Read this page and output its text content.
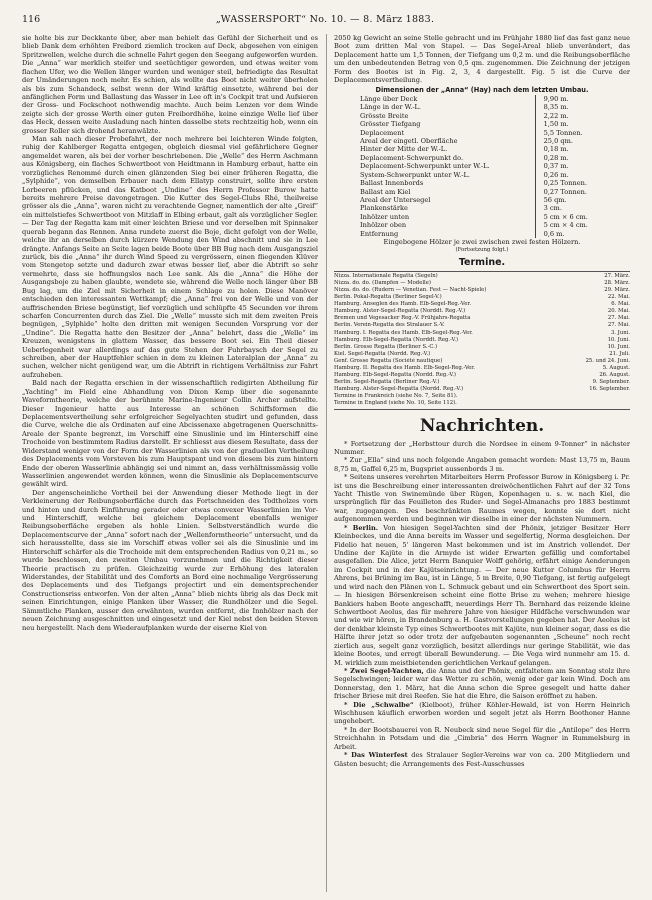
116	„WASSERSPORT“ No. 10. — 8. März 1883.

sie holte bis zur Deckkante über, aber man behielt das Gefühl der Sicherheit und es blieb Dank dem erhöhten Freibord ziemlich trocken auf Deck, abgesehen von einigen Spritzwellen, welche durch die schnelle Fahrt gegen den Seegang aufgeworfen wurden. Die „Anna“ war merklich steifer und seetüchtiger geworden, und etwas weiter vom flachen Ufer, wo die Wellen länger wurden und weniger steil, befriedigte das Resultat der Umänderungen noch mehr. Es schien, als wollte das Boot nicht weiter überholen als bis zum Schandeck, selbst wenn der Wind kräftig einsetzte, während bei der anfänglichen Form und Ballastung das Wasser in Lee oft in's Cockpit trat und Aufsieren der Gross- und Fockschoot nothwendig machte. Auch beim Lenzen vor dem Winde zeigte sich der grosse Werth einer guten Freibordhöhe, keine einzige Welle lief über das Heck, dessen weite Ausladung nach hinten dasselbe stets rechtzeitig hob, wenn ein grosser Roller sich drohend heranwälzte.

Man sah nach dieser Probefahrt, der noch mehrere bei leichteren Winde folgten, ruhig der Kahlberger Regatta entgegen, obgleich diesmal viel gefährlichere Gegner angemeldet waren, als bei der vorher beschriebenen. Die „Welle“ des Herrn Aschmann aus Königsberg, ein flaches Schwertboot von Heidtmann in Hamburg erbaut, hatte ein vorzügliches Renommé durch einen glänzenden Sieg bei einer früheren Regatta, die „Sylphide“, von demselben Erbauer nach dem Ellatyp construirt, sollte ihre ersten Lorbeeren pflücken, und das Katboot „Undine“ des Herrn Professor Burow hatte bereits mehrere Preise davongetragen. Die Kutter des Segel-Clubs Rhé, theilweise grösser als die „Anna“, waren nicht zu verachtende Gegner, namentlich der alte „Greif“ ein mittelstiefes Schwertboot von Mitzlaff in Elbing erbaut, galt als vorzüglicher Segler. — Der Tag der Regatta kam mit einer leichten Briese und vor derselben mit Spinnaker querab begann das Rennen. Anna rundete zuerst die Boje, dicht gefolgt von der Welle, welche ihr an derselben durch kürzere Wendung den Wind abschnitt und sie in Lee drängte. Anfangs Seite an Seite lagen beide Boote über BB Bug nach dem Ausgangsziel zurück, bis die „Anna“ ihr durch Wind Speed zu vergrössern, einen fliegenden Klüver vom Stengetop setzte und dadurch zwar etwas besser lief, aber die Abtrift so sehr vermehrte, dass sie hoffnungslos nach Lee sank. Als die „Anna“ die Höhe der Ausgangsboje zu haben glaubte, wendete sie, während die Welle noch länger über BB Bug lag, um die Ziel mit Sicherheit in einem Schlage zu holen. Diese Manöver entschieden den interessanten Wettkampf; die „Anna“ frei von der Welle und von der auffrischenden Briese begünstigt, lief vorzüglich und schlüpfte 45 Secunden vor ihrem scharfen Concurrenten durch das Ziel. Die „Welle“ musste sich mit dem zweiten Preis begnügen, „Sylphide“ holte den dritten mit wenigen Secunden Vorsprung vor der „Undine“. Die Regatta hatte den Besitzer der „Anna“ belehrt, dass die „Welle“ im Kreuzen, wenigstens in glattem Wasser, das bessere Boot sei. Ein Theil dieser Ueberlegenheit war allerdings auf das gute Stehen der Fuhrbaysch der Segel zu schreiben, aber der Hauptfehler schien in dem zu kleinen Lateralplan der „Anna“ zu suchen, welcher nicht genügend war, um die Abtrift in richtigem Verhältniss zur Fahrt aufzuheben.

Bald nach der Regatta erschien in der wissenschaftlich redigirten Abtheilung für „Yachting“ im Field eine Abhandlung von Dixon Kemp über die sogenannte Waveformtheorie, welche der berühmte Marine-Ingenieur Collin Archer aufstellte. Dieser Ingenieur hatte aus Interesse an schönen Schiffsformen die Deplacementsvertheilung sehr erfolgreicher Segelyachten studirt und gefunden, dass die Curve, welche die als Ordinaten auf eine Abcissenaxe abgetragenen Querschnitts-Areale der Spante begrenzt, im Vorschiff eine Sinuslinie und im Hinterschiff eine Trochoide von bestimmtem Radius darstellt. Er schliesst aus diesem Resultate, dass der Widerstand weniger von der Form der Wasserlinien als von der graduellen Vertheilung des Deplacements vom Vorsteven bis zum Hauptspant und von diesem bis zum hintern Ende der oberen Wasserlinie abhängig sei und nimmt an, dass verhältnissmässig volle Wasserlinien angewendet werden können, wenn die Sinuslinie als Deplacementscurve gewählt wird.

Der angenscheinliche Vortheil bei der Anwendung dieser Methode liegt in der Verkleinerung der Reibungsoberfläche durch das Fortschneiden des Todtholzes vorn und hinten und durch Einführung gerader oder etwas convexer Wasserlinien im Vor- und Hinterschiff, welche bei gleichem Deplacement ebenfalls weniger Reibungsoberfläche ergeben als hohle Linien. Selbstverständlich wurde die Deplacementscurve der „Anna“ sofort nach der „Wellenformtheorie“ untersucht, und da sich herausstellte, dass sie im Vorschiff etwas voller sei als die Sinuslinie und im Hinterschiff schärfer als die Trochoide mit dem entsprechenden Radius von 0,21 m., so wurde beschlossen, den zweiten Umbau vorzunehmen und die Richtigkeit dieser Theorie practisch zu prüfen. Gleichzeitig wurde zur Erhöhung des lateralen Widerstandes, der Stabilität und des Comforts an Bord eine nochmalige Vergrösserung des Deplacements und des Tiefgangs projectirt und ein dementsprechender Constructionsriss entworfen. Von der alten „Anna“ blieb nichts übrig als das Deck mit seinen Einrichtungen, einige Planken über Wasser, die Rundhölzer und die Segel. Sämmtliche Planken, ausser den erwähnten, wurden entfernt, die Innhölzer nach der neuen Zeichnung ausgeschnitten und eingesetzt und der Kiel nebst den beiden Steven neu hergestellt. Nach dem Wiederaufplanken wurde der eiserne Kiel von

2050 kg Gewicht an seine Stelle gebracht und im Frühjahr 1880 lief das fast ganz neue Boot zum dritten Mal von Stapel. — Das Segel-Areal blieb unverändert, das Deplacement hatte um 1,5 Tonnen, der Tiefgang um 0,2 m. und die Reibungsoberfläche um den unbedeutenden Betrag von 0,5 qm. zugenommen. Die Zeichnung der jetzigen Form des Bootes ist in Fig. 2, 3, 4 dargestellt. Fig. 5 ist die Curve der Deplacementsvertheilung.

Dimensionen der „Anna“ (Hay) nach dem letzten Umbau.
Länge über Deck	9,90 m.
Länge in der W.-L.	8,35 m.
Grösste Breite	2,22 m.
Grösster Tiefgang	1,50 m.
Deplacement	5,5 Tonnen.
Areal der eingetl. Oberfläche	25,0 qm.
Hinter der Mitte der W.-L.	0,18 m.
Deplacement-Schwerpunkt do.	0,28 m.
Deplacement-Schwerpunkt unter W.-L.	0,37 m.
System-Schwerpunkt unter W.-L.	0,26 m.
Ballast Innenbords	0,25 Tonnen.
Ballast am Kiel	0,27 Tonnen.
Areal der Untersegel	56 qm.
Plankenstärke	3 cm.
Inhölzer unten	5 cm × 6 cm.
Inhölzer oben	5 cm × 4 cm.
Entfernung	0,6 m.
Eingebogene Hölzer je zwei zwischen zwei festen Hölzern.
(Fortsetzung folgt.)
Termine.
Nizza. Internationale Regatta (Segeln)	27. März.
Nizza. do. do. (Dampfen — Modelle)	28. März.
Nizza. do. do. (Rudern — Venetian. Fest — Nacht-Spiele)	29. März.
Berlin. Pokal-Regatta (Berliner Segel-V.)	22. Mai.
Hamburg. Anseglen des Hamb. Elb-Segel-Reg.-Ver.	6. Mai.
Hamburg. Alster-Segel-Regatta (Norddt. Reg.-V.)	20. Mai.
Bremen und Vegesacker Reg.-V. Frühjahrs-Regatta	27. Mai.
Berlin. Verein-Regatta des Stralauer S.-V.	27. Mai.
Hamburg. I. Regatta des Hamb. Elb-Segel-Reg.-Ver.	3. Juni.
Hamburg. Elb-Segel-Regatta (Norddt. Reg.-V.)	10. Juni.
Berlin. Grosse Regatta (Berliner S.-C.)	10. Juni.
Kiel. Segel-Regatta (Nordd. Reg.-V.)	21. Juli.
Genf. Grosse Regatta (Société nautique)	25. und 24. Juni.
Hamburg. II. Regatta des Hamb. Elb-Segel-Reg.-Ver.	5. August.
Hamburg. Elb-Segel-Regatta (Nordd. Reg.-V.)	26. August.
Berlin. Segel-Regatta (Berliner Reg.-V.)	9. September.
Hamburg. Alster-Segel-Regatta (Nordd. Reg.-V.)	16. September.
Termine in Frankreich (siehe No. 7, Seite 81).
Termine in England (siehe No. 10, Seite 112).
Nachrichten.

* Fortsetzung der „Herbsttour durch die Nordsee in einem 9-Tonner“ in nächster Nummer.

* Zur „Ella“ sind uns noch folgende Angaben gemacht worden: Mast 13,75 m, Baum 8,75 m, Gaffel 6,25 m, Bugspriet aussenbords 3 m.

* Seitens unseres verehrten Mitarbeiters Herrn Professor Burow in Königsberg i. Pr. ist uns die Beschreibung einer interessanten dreiwöchentlichen Fahrt auf der 32 Tons Yacht Thistle von Swinemünde über Rügen, Kopenhagen u. s. w. nach Kiel, die ursprünglich für das Feuilleton des Ruder- und Segel-Almanachs pro 1883 bestimmt war, zugegangen. Des beschränkten Raumes wegen, konnte sie dort nicht aufgenommen werden und beginnen wir dieselbe in einer der nächsten Nummern.

* Berlin. Von hiesigen Segel-Yachten sind der Phönix, jetziger Besitzer Herr Kleinbeckes, und die Anna bereits im Wasser und segelfertig, Norma desgleichen. Der Fidelio hat neuen, 5' längeren Mast bekommen und ist im Anstrich vollendet. Der Undine der Kajüte in die Armyde ist wider Erwarten gefällig und comfortabel ausgefallen. Die Alice, jetzt Herrn Banquier Wolff gehörig, erfährt einige Aenderungen im Cockpit und in der Kajütseinrichtung. — Der neue Kutter Columbus für Herrn Ahrens, bei Brüning im Bau, ist in Länge, 5 m Breite, 0,90 Tiefgang, ist fertig aufgelegt und wird nach den Plänen von L. Schmuck gebaut und ein Schwertboot des Sport sein. — In hiesigen Börsenkreisen scheint eine flotte Brise zu wehen; mehrere hiesige Bankiers haben Boote angeschafft, neuerdings Herr Th. Bernhard das reizende kleine Schwertboot Aeolus, das für mehrere Jahre von hiesiger Hildfäche verschwunden war und wie wir hören, in Brandenburg a. H. Gastvorstellungen gegeben hat. Der Aeolus ist der denkbar kleinste Typ eines Schwertbootes mit Kajüte, nun kleiner sogar, dass es die Hälfte ihrer jetzt so oder trotz der aufgebauten sogenannten „Scheune“ noch recht zierlich aus, segelt ganz vorzüglich, besitzt allerdings nur geringe Stabilität, wie das kleine Bootes, und erregt überall Bewunderung. — Die Vega wird nunmehr am 15. d. M. wirklich zum meistbietenden gerichtlichen Verkauf gelangen.

* Zwei Segel-Yachten, die Anna und der Phönix, entfaltetem am Sonntag stolz ihre Segelschwingen; leider war das Wetter zu schön, wenig oder gar kein Wind. Doch am Donnerstag, den 1. März, hat die Anna schon die Spree gesegelt und hatte daher frischer Briese mit drei Reefen. Sie hat die Ehre, die Saison eröffnet zu haben.

* Die „Schwalbe“ (Kielboot), früher Köhler-Hewald, ist von Herrn Heinrich Wischhusen käuflich erworben worden und segelt jetzt als Herrn Boothoner Hanne ungehebert.

* In der Bootsbauerei von R. Neubeck sind neue Segel für die „Antilope“ des Herrn Streichhahn in Potsdam und die „Cimbria“ des Herrn Wagner in Rummelsburg in Arbeit.

* Das Winterfest des Stralauer Segler-Vereins war von ca. 200 Mitgliedern und Gästen besucht; die Arrangements des Fest-Ausschusses
